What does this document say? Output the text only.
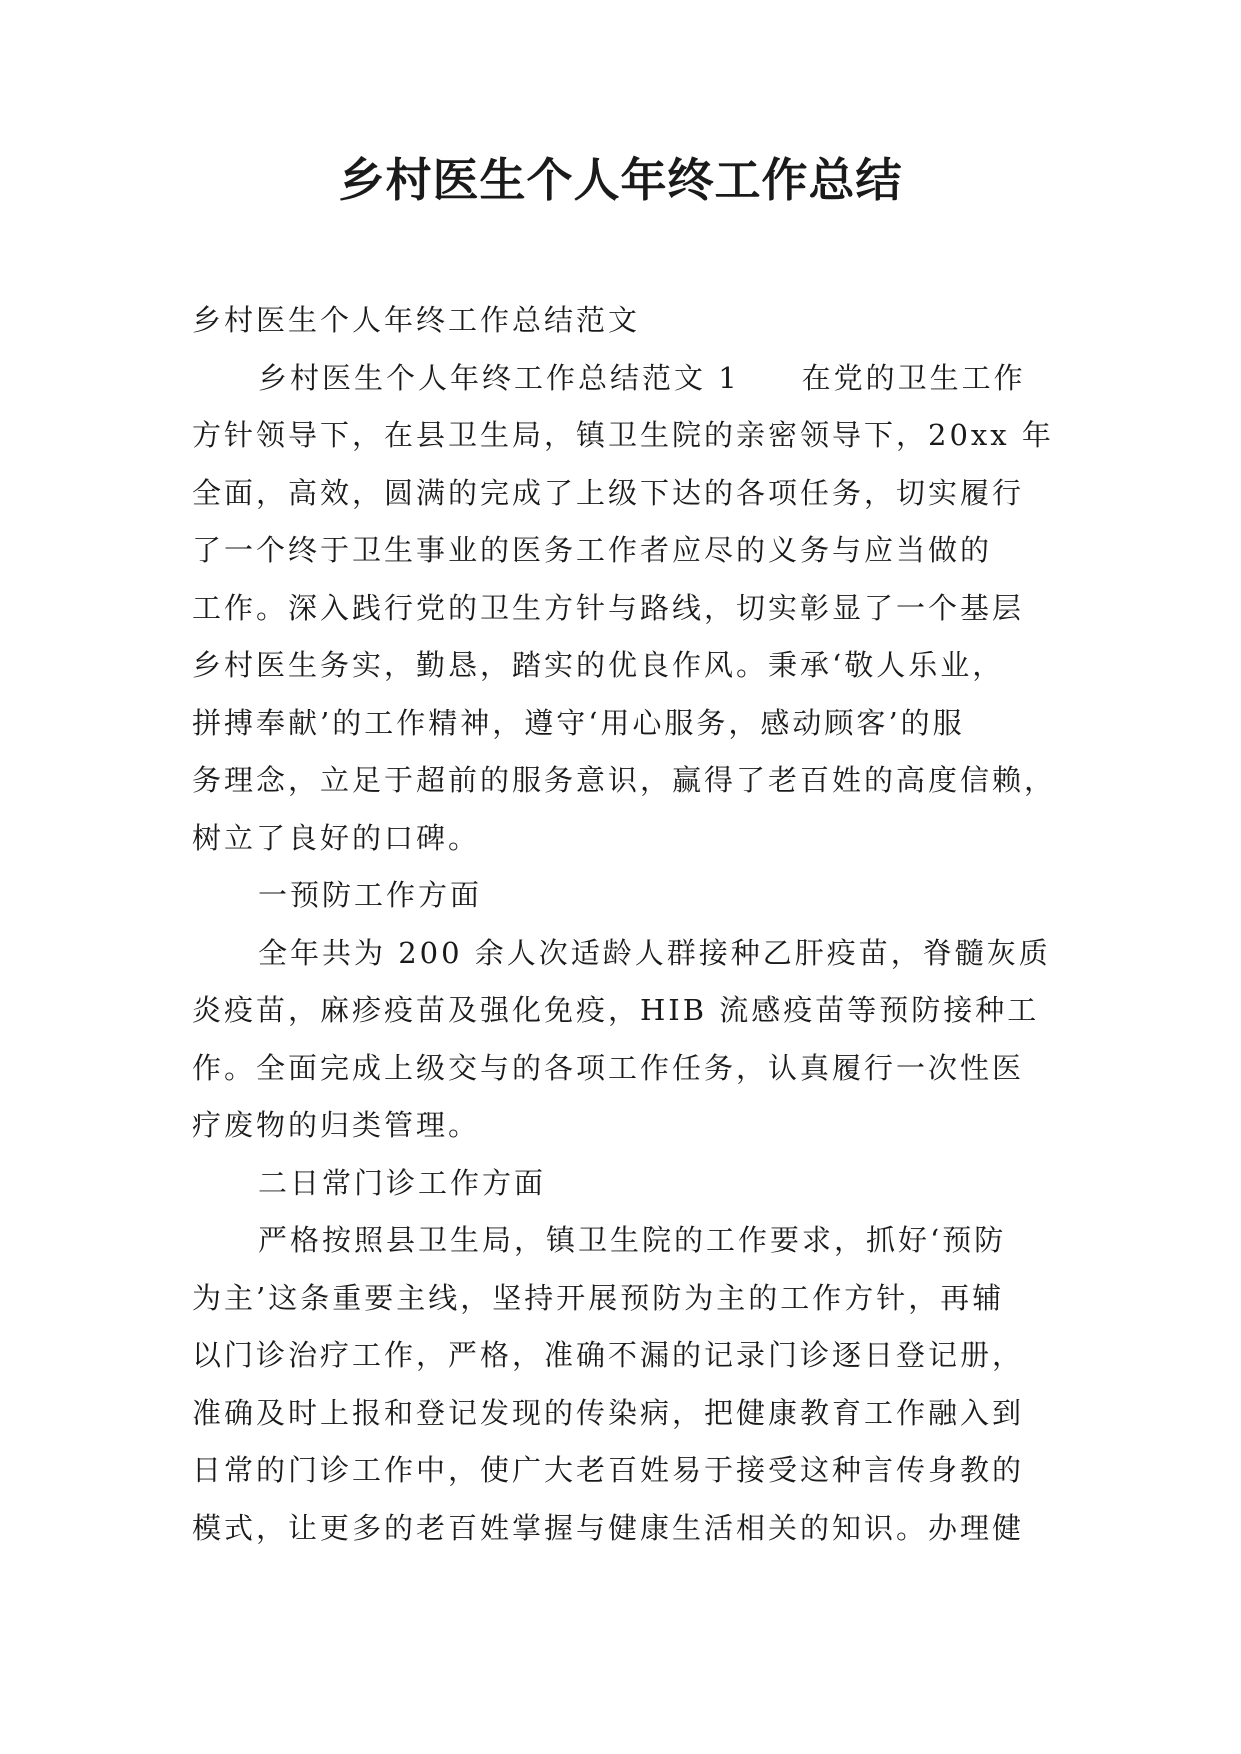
乡村医生个人年终工作总结
乡村医生个人年终工作总结范文
乡村医生个人年终工作总结范文 1 在党的卫生工作
方针领导下，在县卫生局，镇卫生院的亲密领导下，20xx 年
全面，高效，圆满的完成了上级下达的各项任务，切实履行
了一个终于卫生事业的医务工作者应尽的义务与应当做的
工作。深入践行党的卫生方针与路线，切实彰显了一个基层
乡村医生务实，勤恳，踏实的优良作风。秉承‘敬人乐业，
拼搏奉献’的工作精神，遵守‘用心服务，感动顾客’的服
务理念，立足于超前的服务意识，赢得了老百姓的高度信赖，
树立了良好的口碑。
一预防工作方面
全年共为 200 余人次适龄人群接种乙肝疫苗，脊髓灰质
炎疫苗，麻疹疫苗及强化免疫，HIB 流感疫苗等预防接种工
作。全面完成上级交与的各项工作任务，认真履行一次性医
疗废物的归类管理。
二日常门诊工作方面
严格按照县卫生局，镇卫生院的工作要求，抓好‘预防
为主’这条重要主线，坚持开展预防为主的工作方针，再辅
以门诊治疗工作，严格，准确不漏的记录门诊逐日登记册，
准确及时上报和登记发现的传染病，把健康教育工作融入到
日常的门诊工作中，使广大老百姓易于接受这种言传身教的
模式，让更多的老百姓掌握与健康生活相关的知识。办理健
